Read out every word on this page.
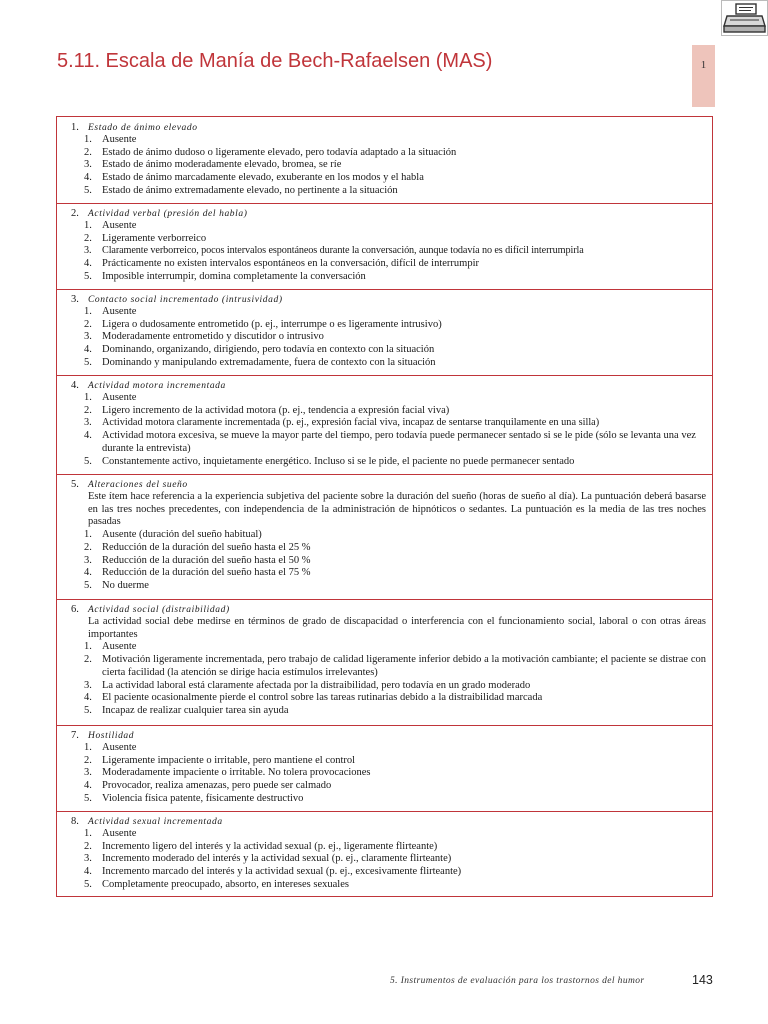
5.11. Escala de Manía de Bech-Rafaelsen (MAS)	1
1. Estado de ánimo elevado
1. Ausente
2. Estado de ánimo dudoso o ligeramente elevado, pero todavía adaptado a la situación
3. Estado de ánimo moderadamente elevado, bromea, se ríe
4. Estado de ánimo marcadamente elevado, exuberante en los modos y el habla
5. Estado de ánimo extremadamente elevado, no pertinente a la situación
2. Actividad verbal (presión del habla)
1. Ausente
2. Ligeramente verborreico
3. Claramente verborreico, pocos intervalos espontáneos durante la conversación, aunque todavía no es difícil interrumpirla
4. Prácticamente no existen intervalos espontáneos en la conversación, difícil de interrumpir
5. Imposible interrumpir, domina completamente la conversación
3. Contacto social incrementado (intrusividad)
1. Ausente
2. Ligera o dudosamente entrometido (p. ej., interrumpe o es ligeramente intrusivo)
3. Moderadamente entrometido y discutidor o intrusivo
4. Dominando, organizando, dirigiendo, pero todavía en contexto con la situación
5. Dominando y manipulando extremadamente, fuera de contexto con la situación
4. Actividad motora incrementada
1. Ausente
2. Ligero incremento de la actividad motora (p. ej., tendencia a expresión facial viva)
3. Actividad motora claramente incrementada (p. ej., expresión facial viva, incapaz de sentarse tranquilamente en una silla)
4. Actividad motora excesiva, se mueve la mayor parte del tiempo, pero todavía puede permanecer sentado si se le pide (sólo se levanta una vez durante la entrevista)
5. Constantemente activo, inquietamente energético. Incluso si se le pide, el paciente no puede permanecer sentado
5. Alteraciones del sueño
Este ítem hace referencia a la experiencia subjetiva del paciente sobre la duración del sueño (horas de sueño al día). La puntuación deberá basarse en las tres noches precedentes, con independencia de la administración de hipnóticos o sedantes. La puntuación es la media de las tres noches pasadas
1. Ausente (duración del sueño habitual)
2. Reducción de la duración del sueño hasta el 25 %
3. Reducción de la duración del sueño hasta el 50 %
4. Reducción de la duración del sueño hasta el 75 %
5. No duerme
6. Actividad social (distraibilidad)
La actividad social debe medirse en términos de grado de discapacidad o interferencia con el funcionamiento social, laboral o con otras áreas importantes
1. Ausente
2. Motivación ligeramente incrementada, pero trabajo de calidad ligeramente inferior debido a la motivación cambiante; el paciente se distrae con cierta facilidad (la atención se dirige hacia estímulos irrelevantes)
3. La actividad laboral está claramente afectada por la distraibilidad, pero todavía en un grado moderado
4. El paciente ocasionalmente pierde el control sobre las tareas rutinarias debido a la distraibilidad marcada
5. Incapaz de realizar cualquier tarea sin ayuda
7. Hostilidad
1. Ausente
2. Ligeramente impaciente o irritable, pero mantiene el control
3. Moderadamente impaciente o irritable. No tolera provocaciones
4. Provocador, realiza amenazas, pero puede ser calmado
5. Violencia física patente, físicamente destructivo
8. Actividad sexual incrementada
1. Ausente
2. Incremento ligero del interés y la actividad sexual (p. ej., ligeramente flirteante)
3. Incremento moderado del interés y la actividad sexual (p. ej., claramente flirteante)
4. Incremento marcado del interés y la actividad sexual (p. ej., excesivamente flirteante)
5. Completamente preocupado, absorto, en intereses sexuales
5. Instrumentos de evaluación para los trastornos del humor	143
